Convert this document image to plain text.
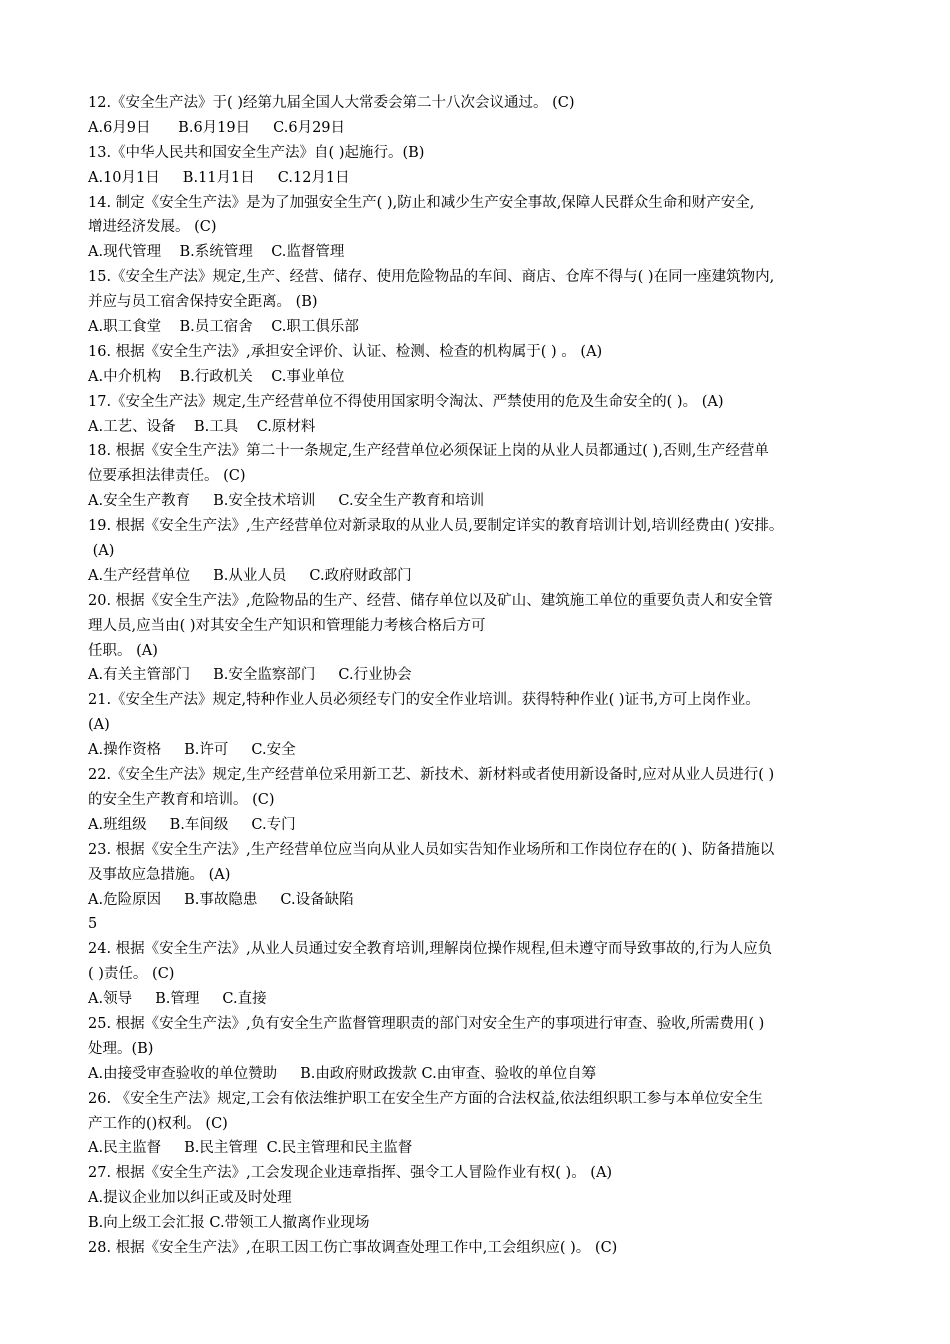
12.《安全生产法》于( )经第九届全国人大常委会第二十八次会议通过。 (C)
A.6月9日      B.6月19日     C.6月29日
13.《中华人民共和国安全生产法》自( )起施行。(B)
A.10月1日     B.11月1日     C.12月1日
14. 制定《安全生产法》是为了加强安全生产( ),防止和减少生产安全事故,保障人民群众生命和财产安全,
增进经济发展。 (C)
A.现代管理    B.系统管理    C.监督管理
15.《安全生产法》规定,生产、经营、储存、使用危险物品的车间、商店、仓库不得与( )在同一座建筑物内,
并应与员工宿舍保持安全距离。 (B)
A.职工食堂    B.员工宿舍    C.职工俱乐部
16. 根据《安全生产法》,承担安全评价、认证、检测、检查的机构属于( ) 。 (A)
A.中介机构    B.行政机关    C.事业单位
17.《安全生产法》规定,生产经营单位不得使用国家明令淘汰、严禁使用的危及生命安全的( )。 (A)
A.工艺、设备    B.工具    C.原材料
18. 根据《安全生产法》第二十一条规定,生产经营单位必须保证上岗的从业人员都通过( ),否则,生产经营单
位要承担法律责任。 (C)
A.安全生产教育     B.安全技术培训     C.安全生产教育和培训
19. 根据《安全生产法》,生产经营单位对新录取的从业人员,要制定详实的教育培训计划,培训经费由( )安排。
(A)
A.生产经营单位     B.从业人员     C.政府财政部门
20. 根据《安全生产法》,危险物品的生产、经营、储存单位以及矿山、建筑施工单位的重要负责人和安全管
理人员,应当由( )对其安全生产知识和管理能力考核合格后方可
任职。 (A)
A.有关主管部门     B.安全监察部门     C.行业协会
21.《安全生产法》规定,特种作业人员必须经专门的安全作业培训。获得特种作业( )证书,方可上岗作业。
(A)
A.操作资格     B.许可     C.安全
22.《安全生产法》规定,生产经营单位采用新工艺、新技术、新材料或者使用新设备时,应对从业人员进行( )
的安全生产教育和培训。 (C)
A.班组级     B.车间级     C.专门
23. 根据《安全生产法》,生产经营单位应当向从业人员如实告知作业场所和工作岗位存在的( )、防备措施以
及事故应急措施。 (A)
A.危险原因     B.事故隐患     C.设备缺陷
5
24. 根据《安全生产法》,从业人员通过安全教育培训,理解岗位操作规程,但未遵守而导致事故的,行为人应负
( )责任。 (C)
A.领导     B.管理     C.直接
25. 根据《安全生产法》,负有安全生产监督管理职责的部门对安全生产的事项进行审查、验收,所需费用( )
处理。(B)
A.由接受审查验收的单位赞助     B.由政府财政拨款 C.由审查、验收的单位自筹
26. 《安全生产法》规定,工会有依法维护职工在安全生产方面的合法权益,依法组织职工参与本单位安全生
产工作的()权利。 (C)
A.民主监督     B.民主管理  C.民主管理和民主监督
27. 根据《安全生产法》,工会发现企业违章指挥、强令工人冒险作业有权( )。 (A)
A.提议企业加以纠正或及时处理
B.向上级工会汇报 C.带领工人撤离作业现场
28. 根据《安全生产法》,在职工因工伤亡事故调查处理工作中,工会组织应( )。 (C)
